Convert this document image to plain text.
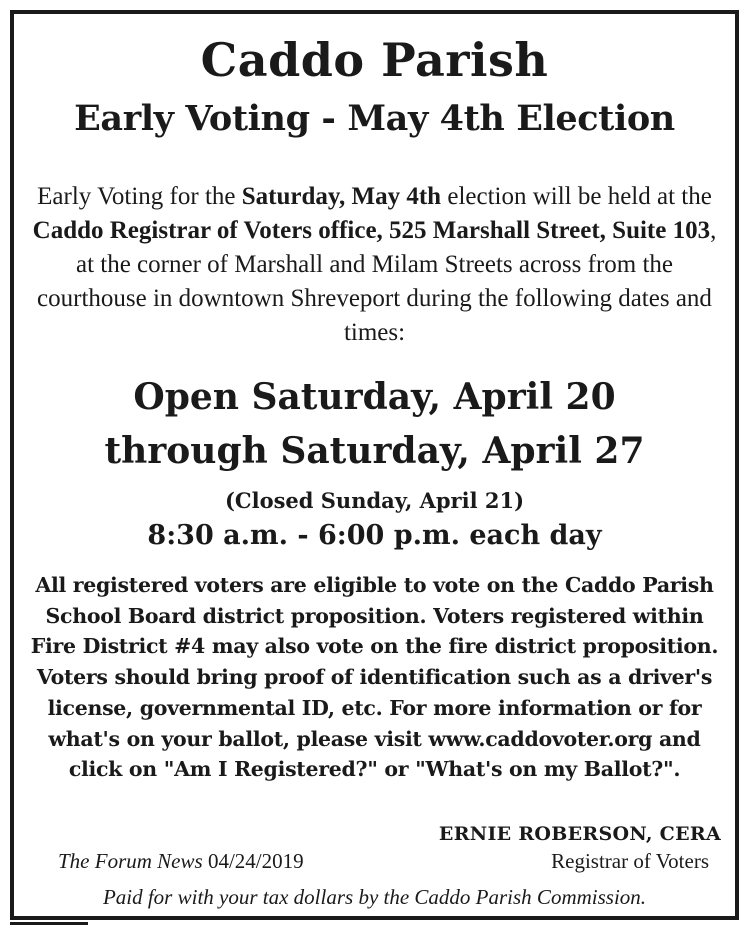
Caddo Parish
Early Voting - May 4th Election
Early Voting for the Saturday, May 4th election will be held at the Caddo Registrar of Voters office, 525 Marshall Street, Suite 103, at the corner of Marshall and Milam Streets across from the courthouse in downtown Shreveport during the following dates and times:
Open Saturday, April 20
through Saturday, April 27
(Closed Sunday, April 21)
8:30 a.m. - 6:00 p.m. each day
All registered voters are eligible to vote on the Caddo Parish School Board district proposition. Voters registered within Fire District #4 may also vote on the fire district proposition. Voters should bring proof of identification such as a driver's license, governmental ID, etc. For more information or for what's on your ballot, please visit www.caddovoter.org and click on "Am I Registered?" or "What's on my Ballot?".
ERNIE ROBERSON, CERA
The Forum News 04/24/2019	Registrar of Voters
Paid for with your tax dollars by the Caddo Parish Commission.
